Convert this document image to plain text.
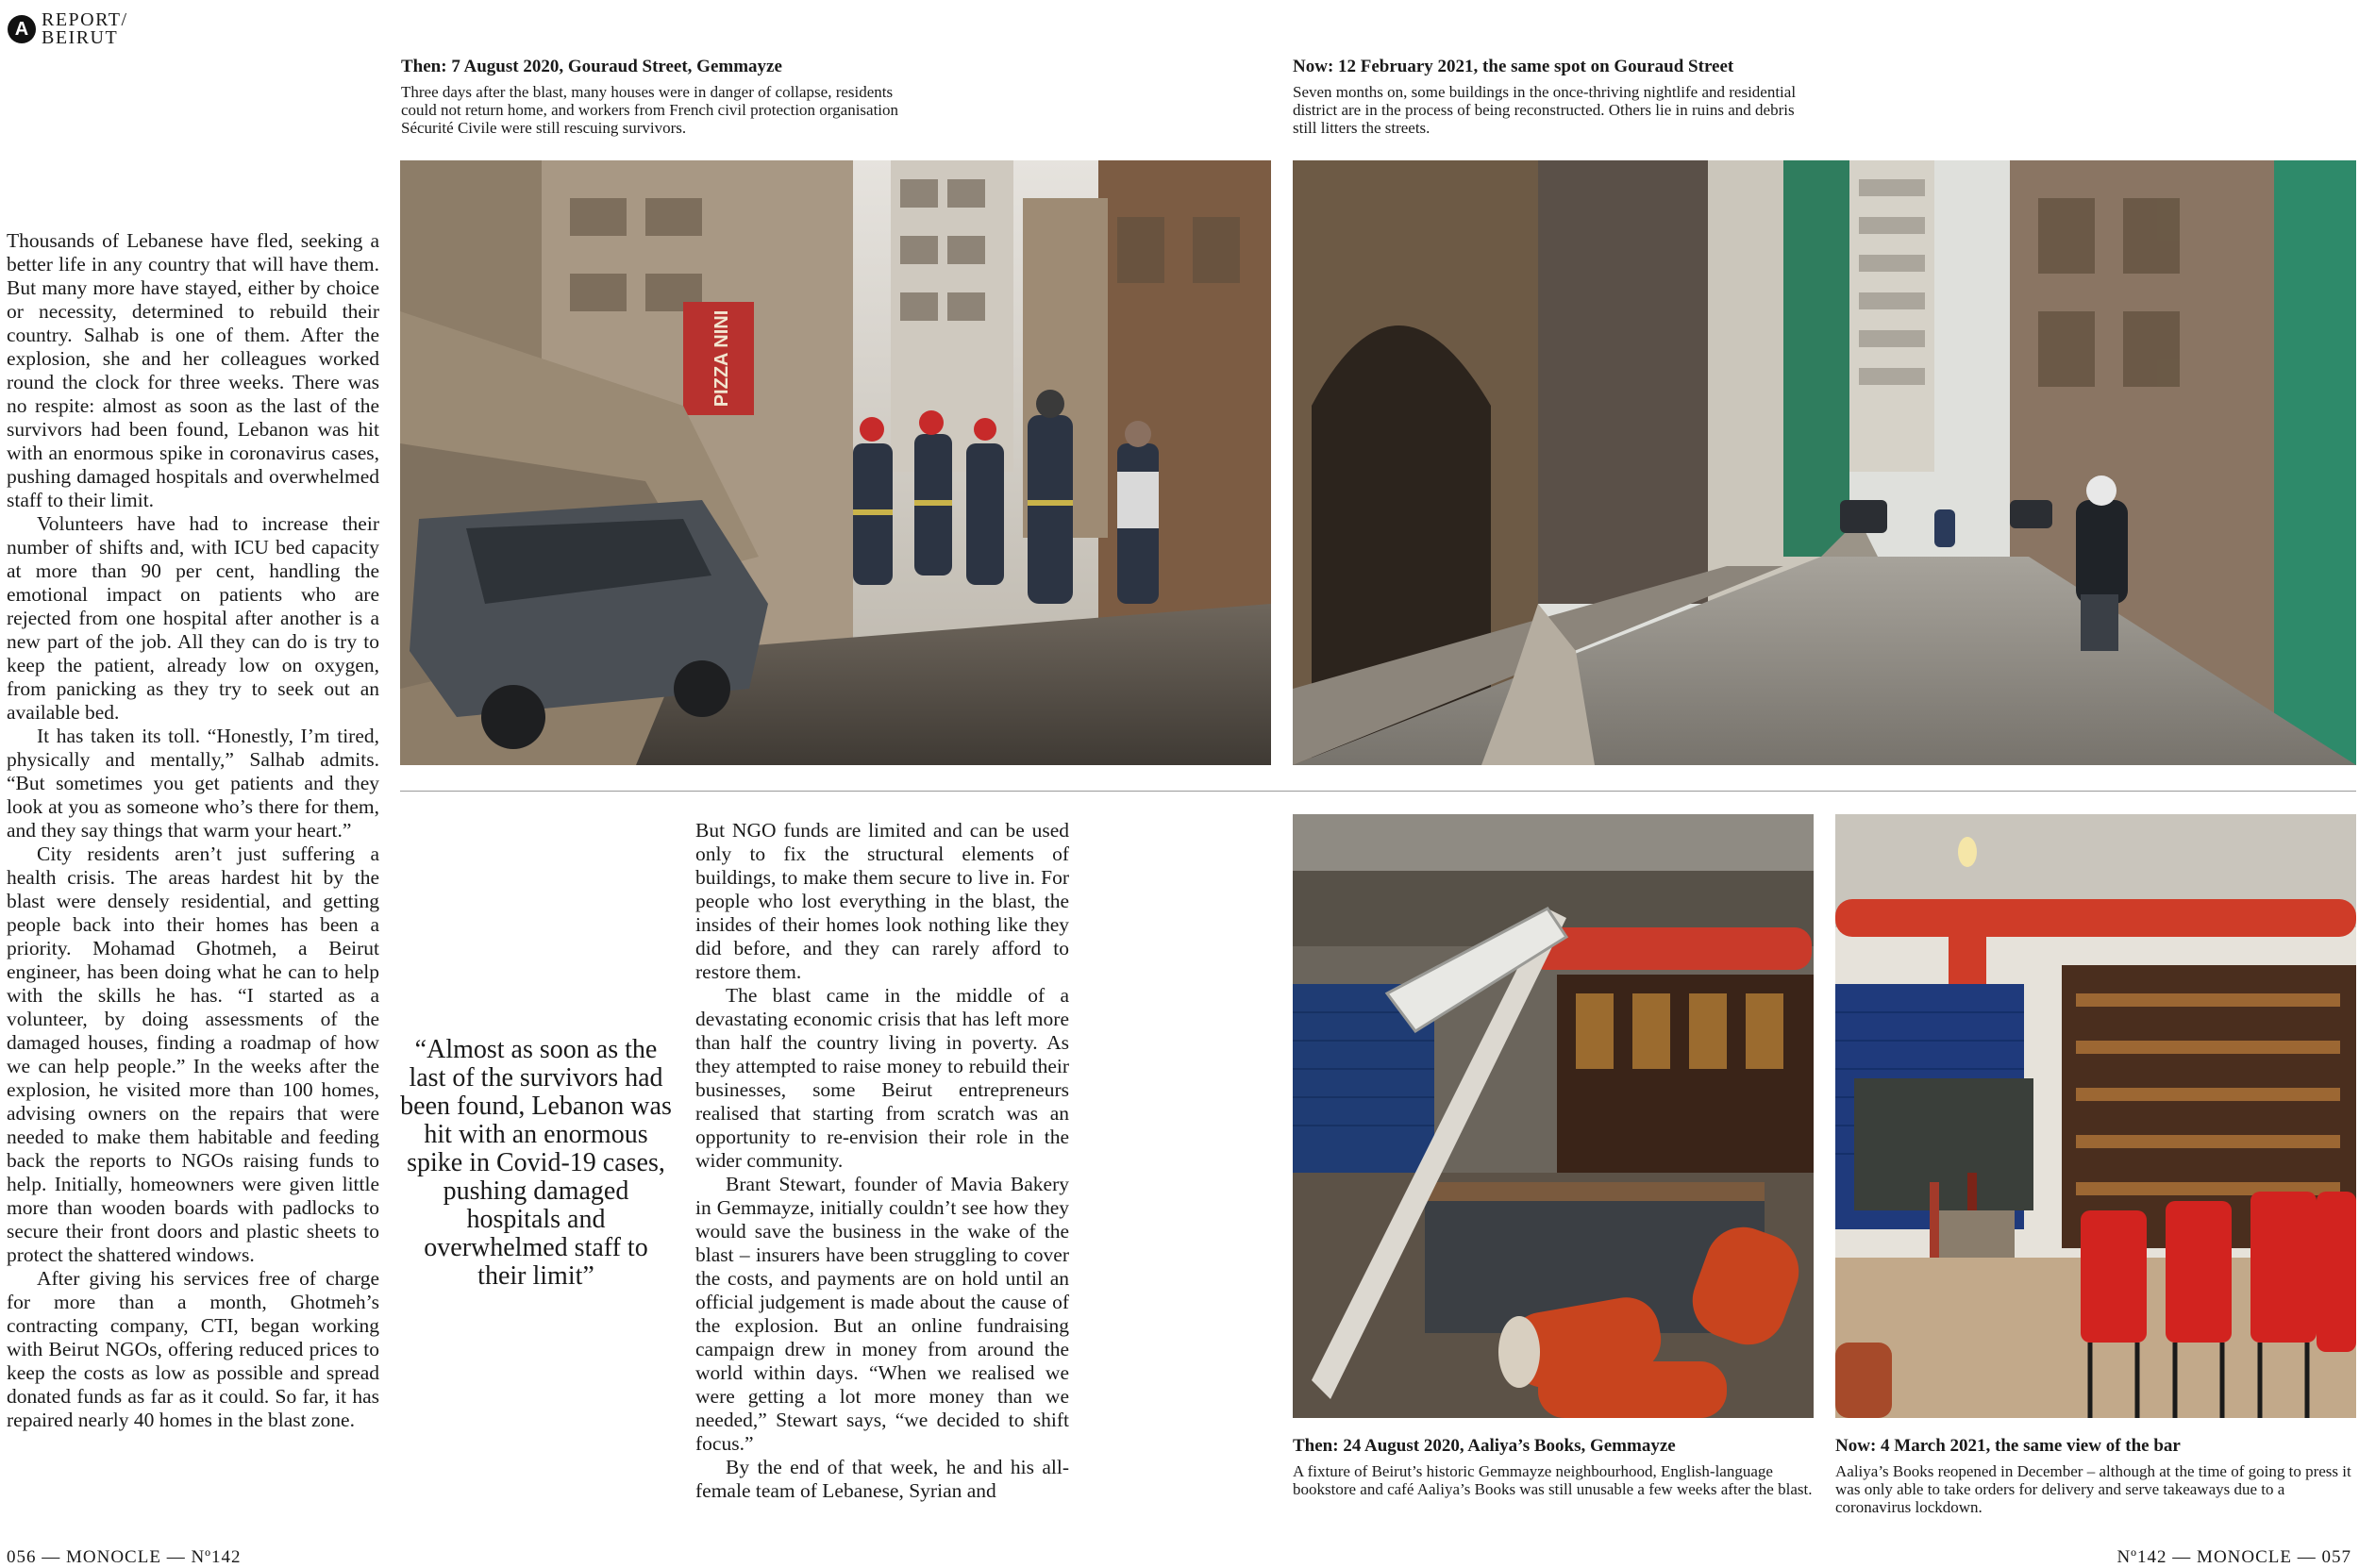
A REPORT/
BEIRUT
Then: 7 August 2020, Gouraud Street, Gemmayze
Three days after the blast, many houses were in danger of collapse, residents could not return home, and workers from French civil protection organisation Sécurité Civile were still rescuing survivors.
Now: 12 February 2021, the same spot on Gouraud Street
Seven months on, some buildings in the once-thriving nightlife and residential district are in the process of being reconstructed. Others lie in ruins and debris still litters the streets.
PIZZA NINI

Thousands of Lebanese have fled, seeking a better life in any country that will have them. But many more have stayed, either by choice or necessity, determined to rebuild their country. Salhab is one of them. After the explosion, she and her colleagues worked round the clock for three weeks. There was no respite: almost as soon as the last of the survivors had been found, Lebanon was hit with an enormous spike in coronavirus cases, pushing damaged hospitals and overwhelmed staff to their limit.

Volunteers have had to increase their number of shifts and, with ICU bed capacity at more than 90 per cent, handling the emotional impact on patients who are rejected from one hospital after another is a new part of the job. All they can do is try to keep the patient, already low on oxygen, from panicking as they try to seek out an available bed.

It has taken its toll. “Honestly, I’m tired, physically and mentally,” Salhab admits. “But sometimes you get patients and they look at you as someone who’s there for them, and they say things that warm your heart.”

City residents aren’t just suffering a health crisis. The areas hardest hit by the blast were densely residential, and getting people back into their homes has been a priority. Mohamad Ghotmeh, a Beirut engineer, has been doing what he can to help with the skills he has. “I started as a volunteer, by doing assessments of the damaged houses, finding a roadmap of how we can help people.” In the weeks after the explosion, he visited more than 100 homes, advising owners on the repairs that were needed to make them habitable and feeding back the reports to NGOs raising funds to help. Initially, homeowners were given little more than wooden boards with padlocks to secure their front doors and plastic sheets to protect the shattered windows.

After giving his services free of charge for more than a month, Ghotmeh’s contracting company, CTI, began working with Beirut NGOs, offering reduced prices to keep the costs as low as possible and spread donated funds as far as it could. So far, it has repaired nearly 40 homes in the blast zone.

“Almost as soon as the last of the survivors had been found, Lebanon was hit with an enormous spike in Covid-19 cases, pushing damaged hospitals and overwhelmed staff to their limit”

But NGO funds are limited and can be used only to fix the structural elements of buildings, to make them secure to live in. For people who lost everything in the blast, the insides of their homes look nothing like they did before, and they can rarely afford to restore them.

The blast came in the middle of a devastating economic crisis that has left more than half the country living in poverty. As they attempted to raise money to rebuild their businesses, some Beirut entrepreneurs realised that starting from scratch was an opportunity to re-envision their role in the wider community.

Brant Stewart, founder of Mavia Bakery in Gemmayze, initially couldn’t see how they would save the business in the wake of the blast – insurers have been struggling to cover the costs, and payments are on hold until an official judgement is made about the cause of the explosion. But an online fundraising campaign drew in money from around the world within days. “When we realised we were getting a lot more money than we needed,” Stewart says, “we decided to shift focus.”

By the end of that week, he and his all-female team of Lebanese, Syrian and

Then: 24 August 2020, Aaliya’s Books, Gemmayze
A fixture of Beirut’s historic Gemmayze neighbourhood, English-language bookstore and café Aaliya’s Books was still unusable a few weeks after the blast.
Now: 4 March 2021, the same view of the bar
Aaliya’s Books reopened in December – although at the time of going to press it was only able to take orders for delivery and serve takeaways due to a coronavirus lockdown.
056 — MONOCLE — Nº142	Nº142 — MONOCLE — 057
